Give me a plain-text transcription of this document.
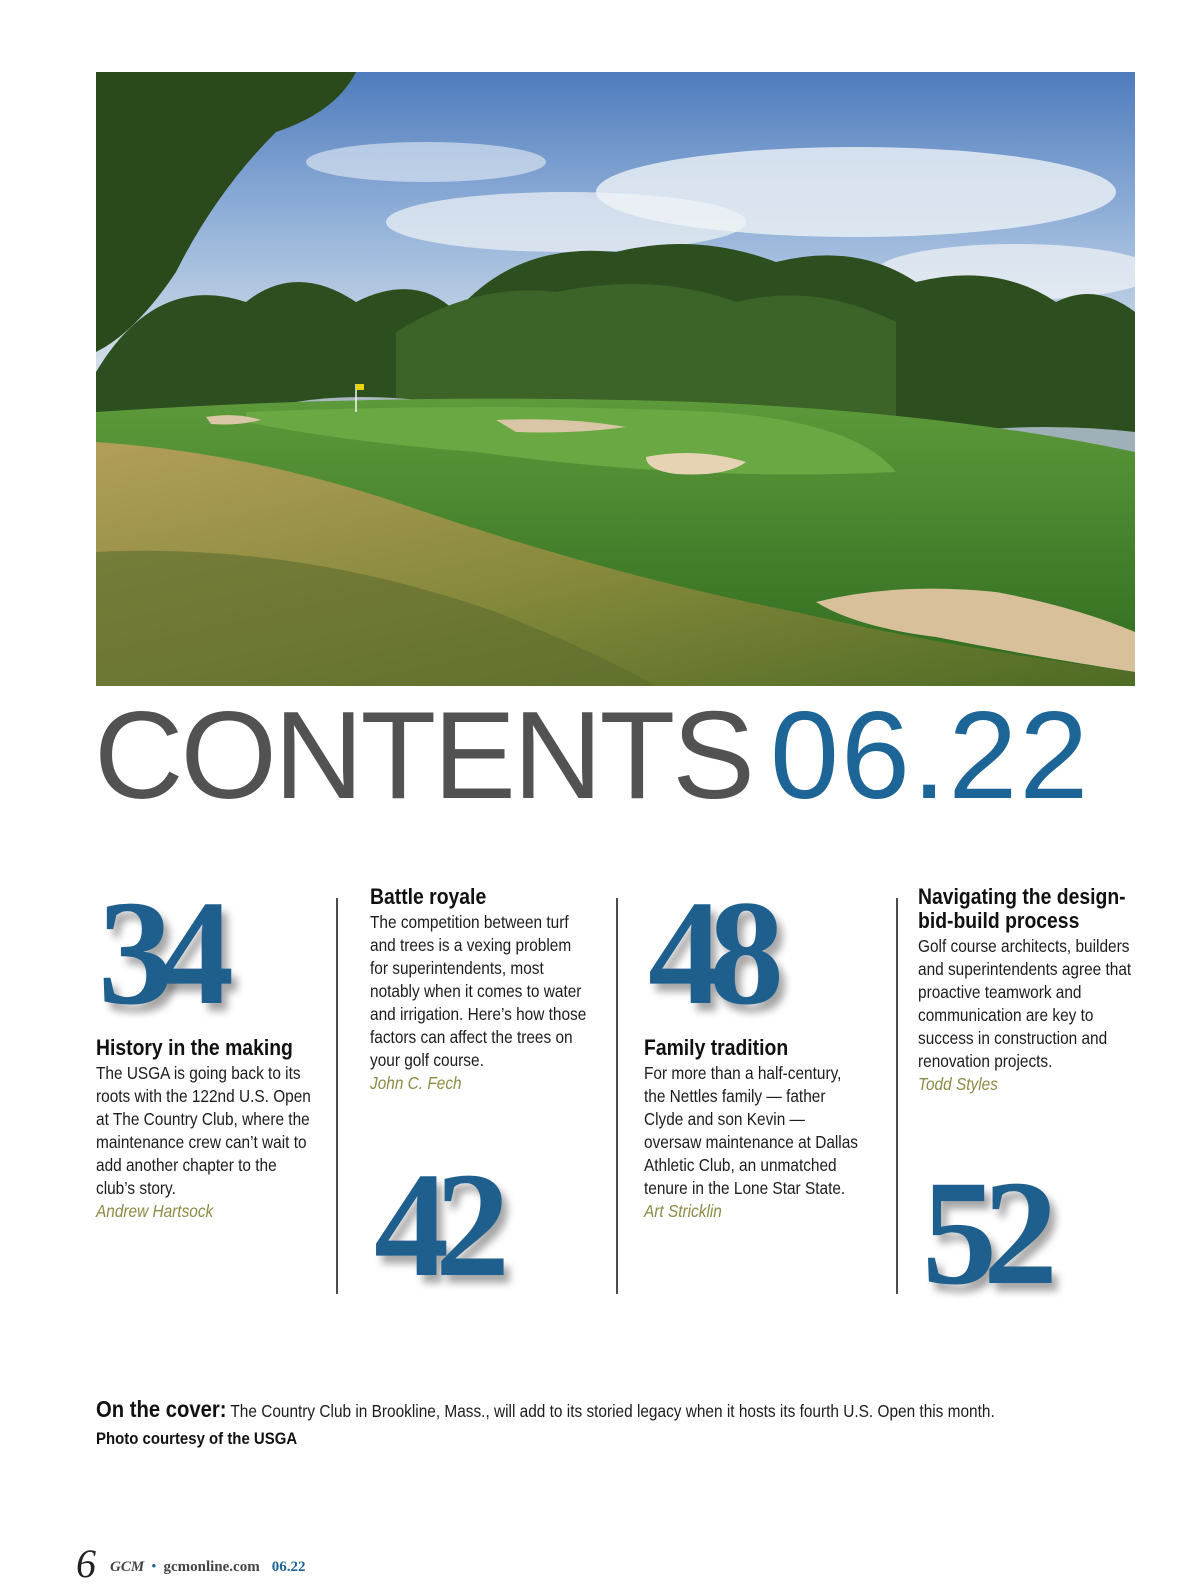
CONTENTS 06.22
34
History in the making

The USGA is going back to its roots with the 122nd U.S. Open at The Country Club, where the maintenance crew can’t wait to add another chapter to the club’s story.

Andrew Hartsock
Battle royale

The competition between turf and trees is a vexing problem for superintendents, most notably when it comes to water and irrigation. Here’s how those factors can affect the trees on your golf course.

John C. Fech
42
48
Family tradition

For more than a half-century, the Nettles family — father Clyde and son Kevin — oversaw maintenance at Dallas Athletic Club, an unmatched tenure in the Lone Star State.

Art Stricklin
Navigating the design-bid-build process

Golf course architects, builders and superintendents agree that proactive teamwork and communication are key to success in construction and renovation projects.

Todd Styles
52
On the cover: The Country Club in Brookline, Mass., will add to its storied legacy when it hosts its fourth U.S. Open this month.
Photo courtesy of the USGA
6 GCM • gcmonline.com 06.22
